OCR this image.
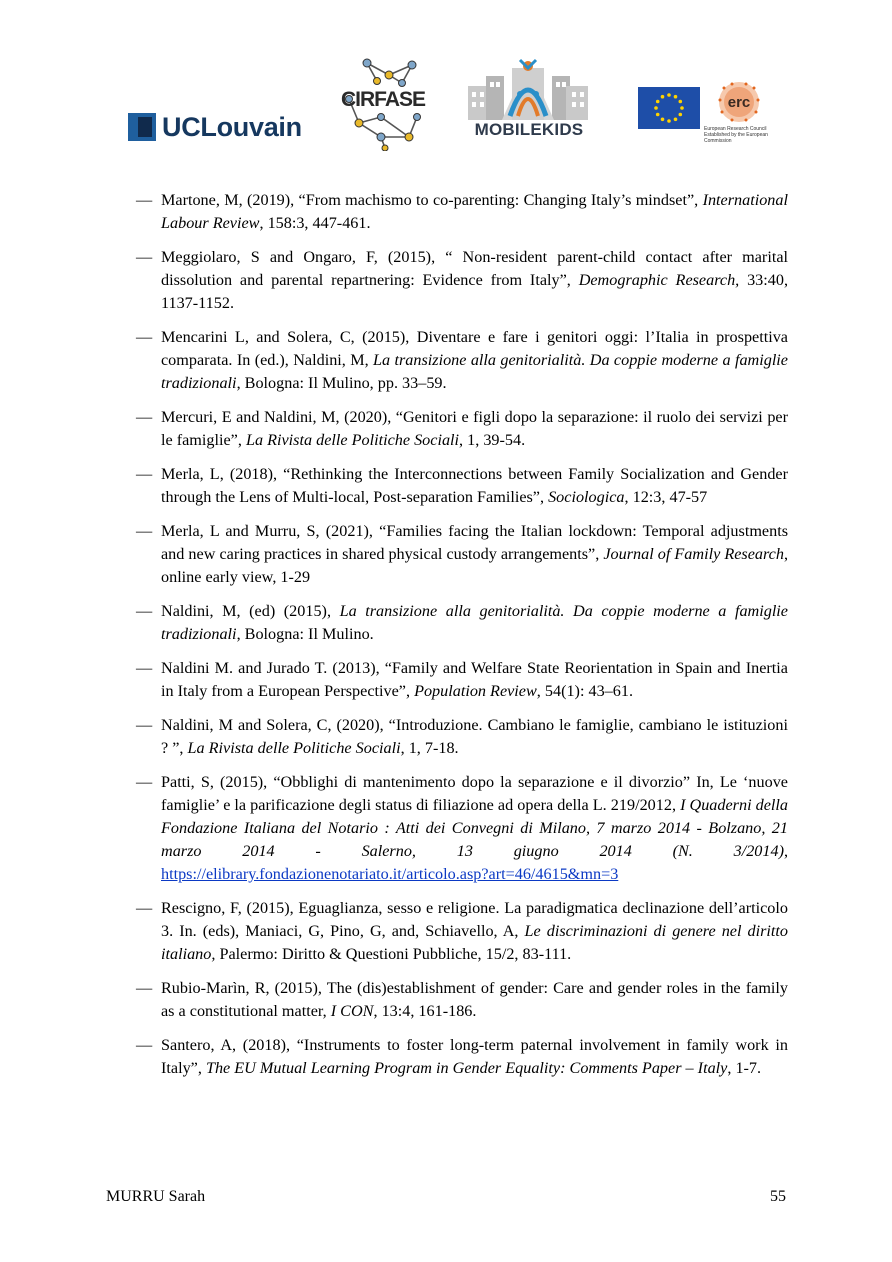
UCLouvain
CIRFASE
MOBILEKIDS
erc
European Research Council
Established by the European Commission
— Martone, M, (2019), “From machismo to co-parenting: Changing Italy’s mindset”, International Labour Review, 158:3, 447-461.
— Meggiolaro, S and Ongaro, F, (2015), “ Non-resident parent-child contact after marital dissolution and parental repartnering: Evidence from Italy”, Demographic Research, 33:40, 1137-1152.
— Mencarini L, and Solera, C, (2015), Diventare e fare i genitori oggi: l’Italia in prospettiva comparata. In (ed.), Naldini, M, La transizione alla genitorialità. Da coppie moderne a famiglie tradizionali, Bologna: Il Mulino, pp. 33–59.
— Mercuri, E and Naldini, M, (2020), “Genitori e figli dopo la separazione: il ruolo dei servizi per le famiglie”, La Rivista delle Politiche Sociali, 1, 39-54.
— Merla, L, (2018), “Rethinking the Interconnections between Family Socialization and Gender through the Lens of Multi-local, Post-separation Families”, Sociologica, 12:3, 47-57
— Merla, L and Murru, S, (2021), “Families facing the Italian lockdown: Temporal adjustments and new caring practices in shared physical custody arrangements”, Journal of Family Research, online early view, 1-29
— Naldini, M, (ed) (2015), La transizione alla genitorialità. Da coppie moderne a famiglie tradizionali, Bologna: Il Mulino.
— Naldini M. and Jurado T. (2013), “Family and Welfare State Reorientation in Spain and Inertia in Italy from a European Perspective”, Population Review, 54(1): 43–61.
— Naldini, M and Solera, C, (2020), “Introduzione. Cambiano le famiglie, cambiano le istituzioni ? ”, La Rivista delle Politiche Sociali, 1, 7-18.
— Patti, S, (2015), “Obblighi di mantenimento dopo la separazione e il divorzio” In, Le ‘nuove famiglie’ e la parificazione degli status di filiazione ad opera della L. 219/2012, I Quaderni della Fondazione Italiana del Notario : Atti dei Convegni di Milano, 7 marzo 2014 - Bolzano, 21 marzo 2014 - Salerno, 13 giugno 2014 (N. 3/2014), https://elibrary.fondazionenotariato.it/articolo.asp?art=46/4615&mn=3
— Rescigno, F, (2015), Eguaglianza, sesso e religione. La paradigmatica declinazione dell’articolo 3. In. (eds), Maniaci, G, Pino, G, and, Schiavello, A, Le discriminazioni di genere nel diritto italiano, Palermo: Diritto & Questioni Pubbliche, 15/2, 83-111.
— Rubio-Marìn, R, (2015), The (dis)establishment of gender: Care and gender roles in the family as a constitutional matter, I CON, 13:4, 161-186.
— Santero, A, (2018), “Instruments to foster long-term paternal involvement in family work in Italy”, The EU Mutual Learning Program in Gender Equality: Comments Paper – Italy, 1-7.
MURRU Sarah	55
